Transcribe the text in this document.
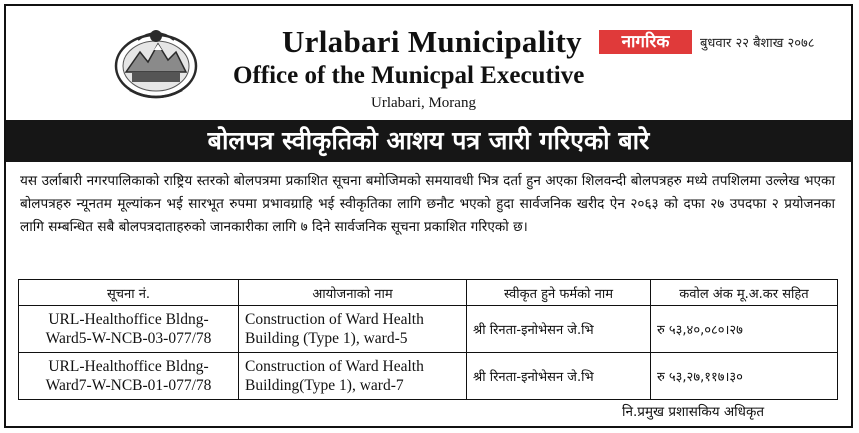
Urlabari Municipality
Office of the Municpal Executive
Urlabari, Morang
नागरिक	बुधवार २२ बैशाख २०७८
बोलपत्र स्वीकृतिको आशय पत्र जारी गरिएको बारे
यस उर्लाबारी नगरपालिकाको राष्ट्रिय स्तरको बोलपत्रमा प्रकाशित सूचना बमोजिमको समयावधी भित्र दर्ता हुन अएका शिलवन्दी बोलपत्रहरु मध्ये तपशिलमा उल्लेख भएका बोलपत्रहरु न्यूनतम मूल्यांकन भई सारभूत रुपमा प्रभावग्राहि भई स्वीकृतिका लागि छनौट भएको हुदा सार्वजनिक खरीद ऐन २०६३ को दफा २७ उपदफा २ प्रयोजनका लागि सम्बन्धित सबै बोलपत्रदाताहरुको जानकारीका लागि ७ दिने सार्वजनिक सूचना प्रकाशित गरिएको छ।
सूचना नं.	आयोजनाको नाम	स्वीकृत हुने फर्मको नाम	कवोल अंक मू.अ.कर सहित
URL-Healthoffice Bldng-
Ward5-W-NCB-03-077/78	Construction of Ward Health
Building (Type 1), ward-5	श्री रिनता-इनोभेसन जे.भि	रु ५३,४०,०८०।२७
URL-Healthoffice Bldng-
Ward7-W-NCB-01-077/78	Construction of Ward Health
Building(Type 1), ward-7	श्री रिनता-इनोभेसन जे.भि	रु ५३,२७,११७।३०
नि.प्रमुख प्रशासकिय अधिकृत
